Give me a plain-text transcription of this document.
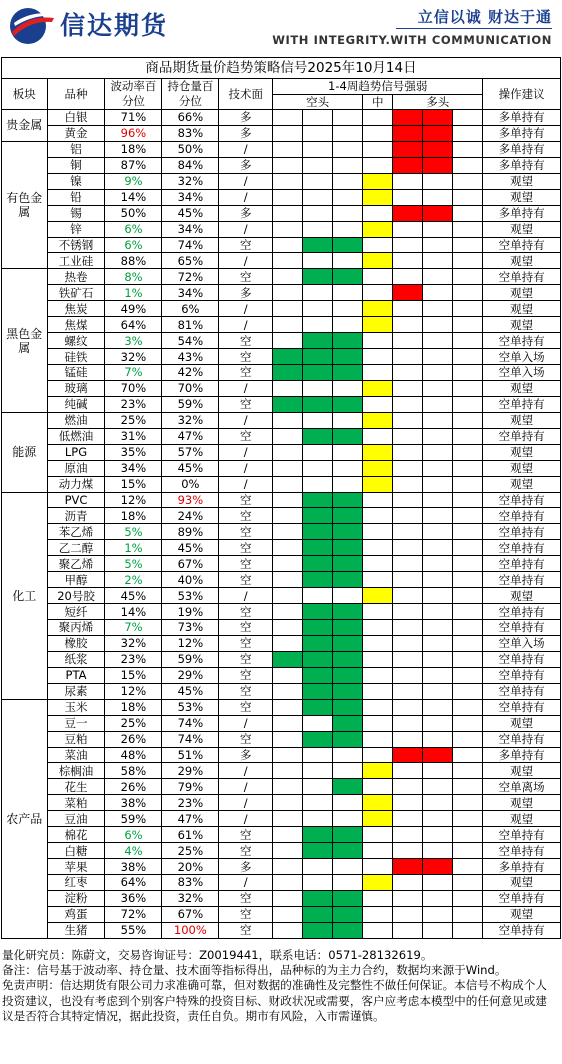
信达期货	立信以诚 财达于通
WITH INTEGRITY.WITH COMMUNICATION
商品期货量价趋势策略信号2025年10月14日												
板块	品种	波动率百分位	持仓量百分位	技术面	1-4周趋势信号强弱							操作建议
					空头			中	多头			
贵金属	白银	71%	66%	多								多单持有
	黄金	96%	83%	多								多单持有
有色金属	铝	18%	50%	/								多单持有
	铜	87%	84%	多								多单持有
	镍	9%	32%	/								观望
	铅	14%	34%	/								观望
	锡	50%	45%	多								多单持有
	锌	6%	34%	/								观望
	不锈钢	6%	74%	空								空单持有
	工业硅	88%	65%	/								观望
黑色金属	热卷	8%	72%	空								空单持有
	铁矿石	1%	34%	多								观望
	焦炭	49%	6%	/								观望
	焦煤	64%	81%	/								观望
	螺纹	3%	54%	空								空单持有
	硅铁	32%	43%	空								空单入场
	锰硅	7%	42%	空								空单入场
	玻璃	70%	70%	/								观望
	纯碱	23%	59%	空								空单持有
能源	燃油	25%	32%	/								观望
	低燃油	31%	47%	空								空单持有
	LPG	35%	57%	/								观望
	原油	34%	45%	/								观望
	动力煤	15%	0%	/								观望
化工	PVC	12%	93%	空								空单持有
	沥青	18%	24%	空								空单持有
	苯乙烯	5%	89%	空								空单持有
	乙二醇	1%	45%	空								空单持有
	聚乙烯	5%	67%	空								空单持有
	甲醇	2%	40%	空								空单持有
	20号胶	45%	53%	/								观望
	短纤	14%	19%	空								空单持有
	聚丙烯	7%	73%	空								空单持有
	橡胶	32%	12%	空								空单入场
	纸浆	23%	59%	空								空单持有
	PTA	15%	29%	空								空单持有
	尿素	12%	45%	空								空单持有
农产品	玉米	18%	53%	空								空单持有
	豆一	25%	74%	/								观望
	豆粕	26%	74%	空								空单持有
	菜油	48%	51%	多								多单持有
	棕榈油	58%	29%	/								观望
	花生	26%	79%	/								空单离场
	菜粕	38%	23%	/								观望
	豆油	59%	47%	/								观望
	棉花	6%	61%	空								空单持有
	白糖	4%	25%	空								空单持有
	苹果	38%	20%	多								多单持有
	红枣	64%	83%	/								观望
	淀粉	36%	32%	空								空单持有
	鸡蛋	72%	67%	空								观望
	生猪	55%	100%	空								空单持有

量化研究员：陈蔚文，交易咨询证号：Z0019441，联系电话：0571-28132619。

备注：信号基于波动率、持仓量、技术面等指标得出，品种标的为主力合约，数据均来源于Wind。

免责声明：信达期货有限公司力求准确可靠，但对数据的准确性及完整性不做任何保证。本信号不构成个人投资建议，也没有考虑到个别客户特殊的投资目标、财政状况或需要，客户应考虑本模型中的任何意见或建议是否符合其特定情况，据此投资，责任自负。期市有风险，入市需谨慎。
